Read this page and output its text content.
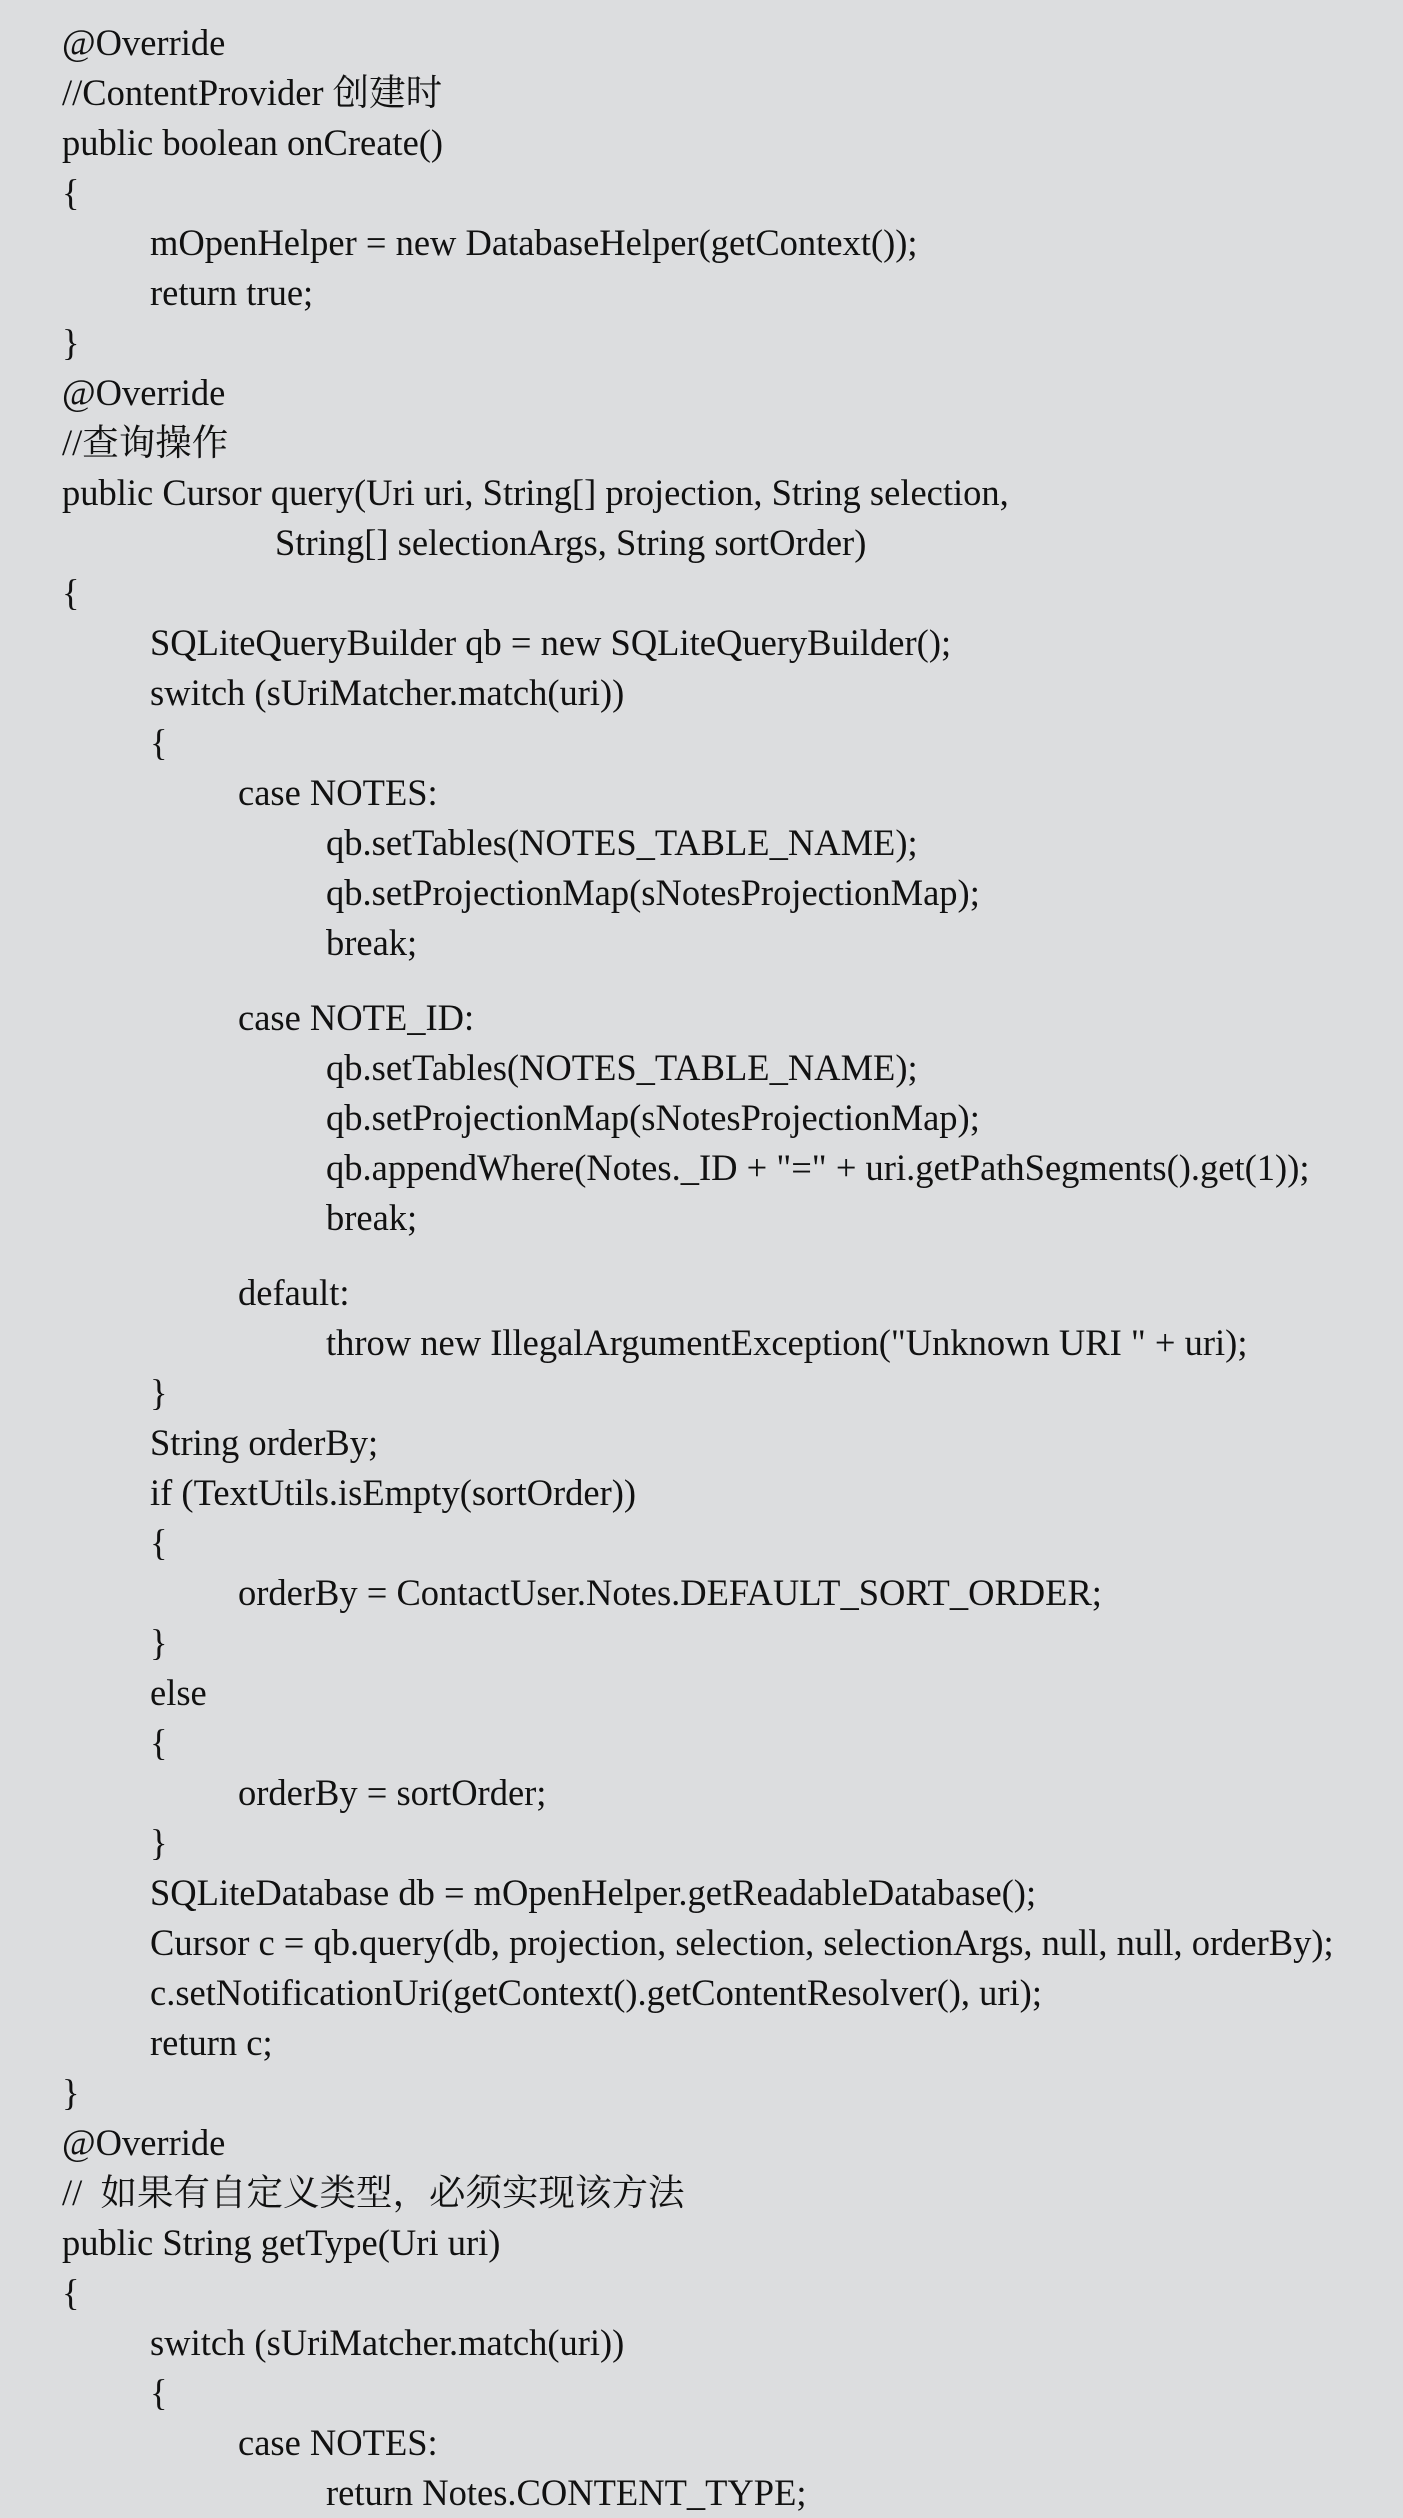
@Override
//ContentProvider 创建时
public boolean onCreate()
{
mOpenHelper = new DatabaseHelper(getContext());
return true;
}
@Override
//查询操作
public Cursor query(Uri uri, String[] projection, String selection,
String[] selectionArgs, String sortOrder)
{
SQLiteQueryBuilder qb = new SQLiteQueryBuilder();
switch (sUriMatcher.match(uri))
{
case NOTES:
qb.setTables(NOTES_TABLE_NAME);
qb.setProjectionMap(sNotesProjectionMap);
break;
case NOTE_ID:
qb.setTables(NOTES_TABLE_NAME);
qb.setProjectionMap(sNotesProjectionMap);
qb.appendWhere(Notes._ID + "=" + uri.getPathSegments().get(1));
break;
default:
throw new IllegalArgumentException("Unknown URI " + uri);
}
String orderBy;
if (TextUtils.isEmpty(sortOrder))
{
orderBy = ContactUser.Notes.DEFAULT_SORT_ORDER;
}
else
{
orderBy = sortOrder;
}
SQLiteDatabase db = mOpenHelper.getReadableDatabase();
Cursor c = qb.query(db, projection, selection, selectionArgs, null, null, orderBy);
c.setNotificationUri(getContext().getContentResolver(), uri);
return c;
}
@Override
//  如果有自定义类型，必须实现该方法
public String getType(Uri uri)
{
switch (sUriMatcher.match(uri))
{
case NOTES:
return Notes.CONTENT_TYPE;
